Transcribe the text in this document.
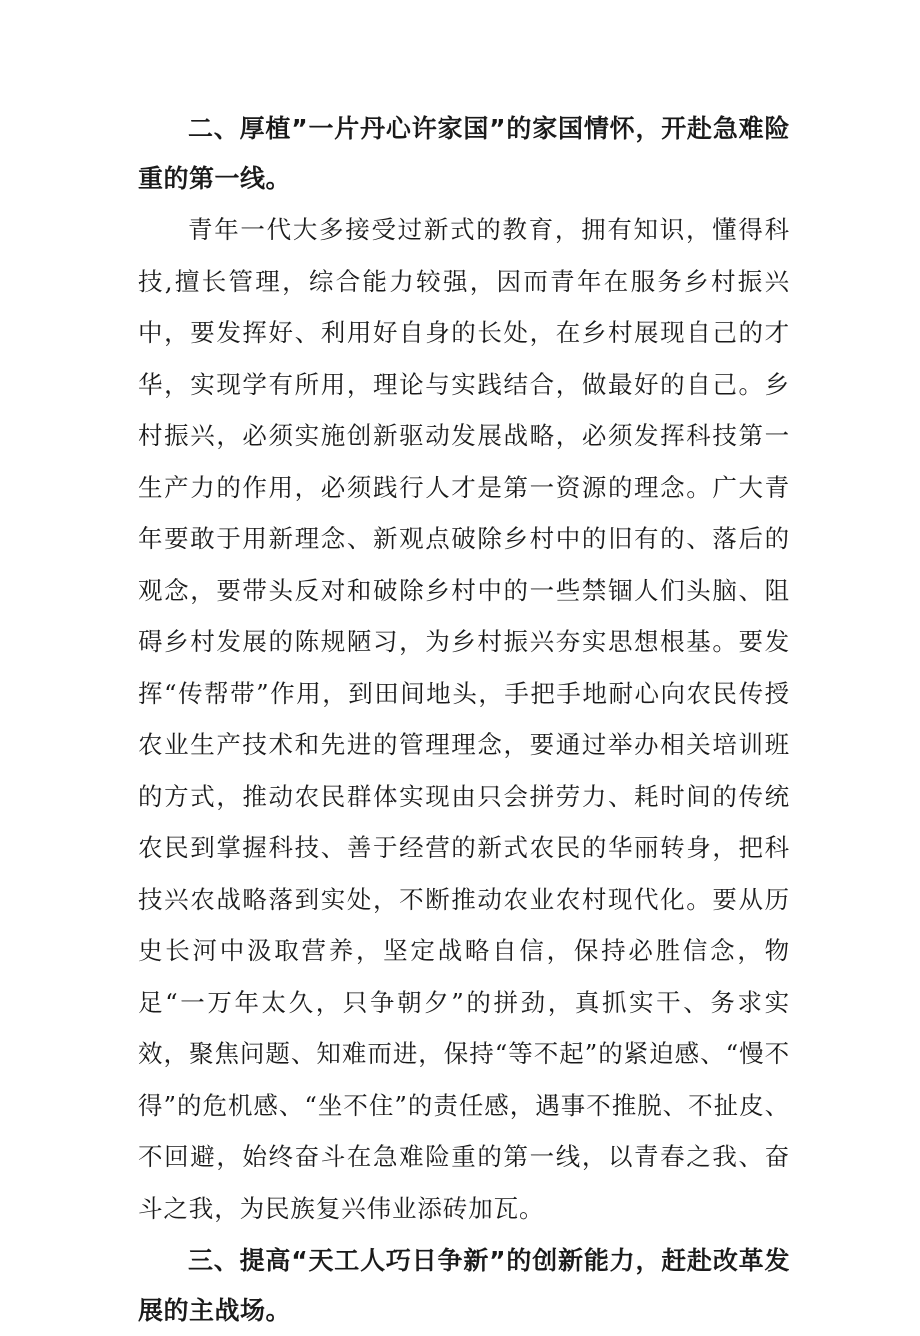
二、厚植”一片丹心许家国”的家国情怀，开赴急难险重的第一线。

青年一代大多接受过新式的教育，拥有知识，懂得科技,擅长管理，综合能力较强，因而青年在服务乡村振兴中，要发挥好、利用好自身的长处，在乡村展现自己的才华，实现学有所用，理论与实践结合，做最好的自己。乡村振兴，必须实施创新驱动发展战略，必须发挥科技第一生产力的作用，必须践行人才是第一资源的理念。广大青年要敢于用新理念、新观点破除乡村中的旧有的、落后的观念，要带头反对和破除乡村中的一些禁锢人们头脑、阻碍乡村发展的陈规陋习，为乡村振兴夯实思想根基。要发挥“传帮带”作用，到田间地头，手把手地耐心向农民传授农业生产技术和先进的管理理念，要通过举办相关培训班的方式，推动农民群体实现由只会拼劳力、耗时间的传统农民到掌握科技、善于经营的新式农民的华丽转身，把科技兴农战略落到实处，不断推动农业农村现代化。要从历史长河中汲取营养，坚定战略自信，保持必胜信念，物足“一万年太久，只争朝夕”的拼劲，真抓实干、务求实效，聚焦问题、知难而进，保持“等不起”的紧迫感、“慢不得”的危机感、“坐不住”的责任感，遇事不推脱、不扯皮、不回避，始终奋斗在急难险重的第一线，以青春之我、奋斗之我，为民族复兴伟业添砖加瓦。

三、提高“天工人巧日争新”的创新能力，赶赴改革发展的主战场。
